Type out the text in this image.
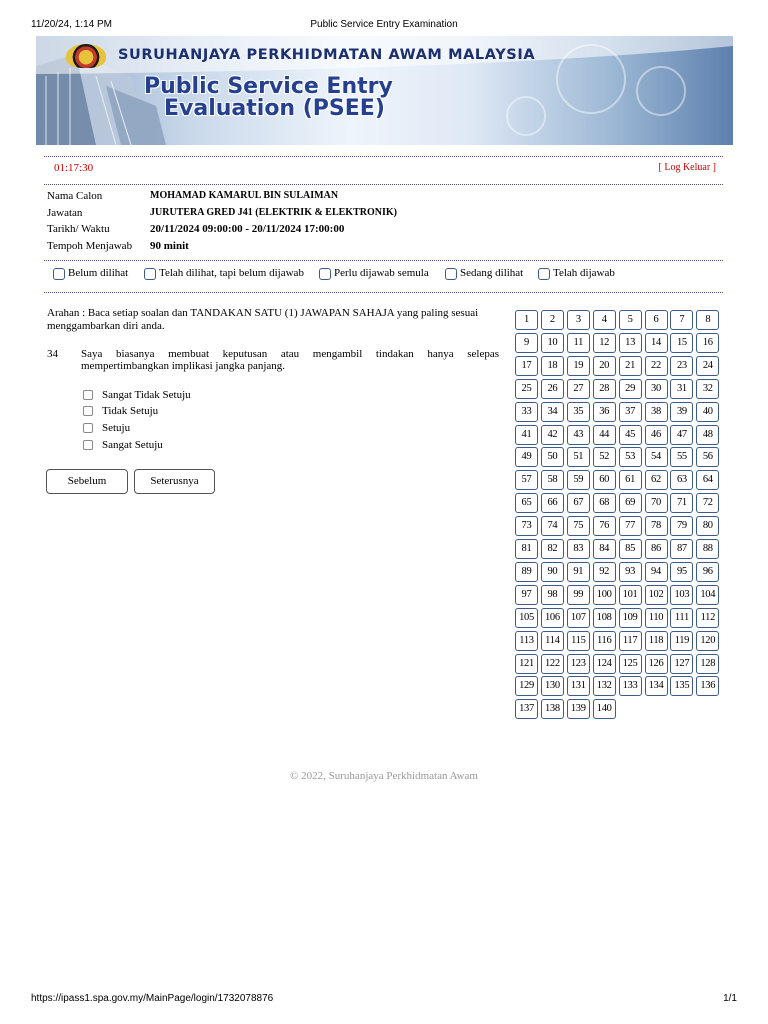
11/20/24, 1:14 PM	Public Service Entry Examination
SURUHANJAYA PERKHIDMATAN AWAM MALAYSIA
Public Service Entry
Evaluation (PSEE)
01:17:30	[ Log Keluar ]
Nama Calon	MOHAMAD KAMARUL BIN SULAIMAN
Jawatan	JURUTERA GRED J41 (ELEKTRIK & ELEKTRONIK)
Tarikh/ Waktu	20/11/2024 09:00:00 - 20/11/2024 17:00:00
Tempoh Menjawab 90 minit
Belum dilihat	Telah dilihat, tapi belum dijawab	Perlu dijawab semula	Sedang dilihat	Telah dijawab
Arahan : Baca setiap soalan dan TANDAKAN SATU (1) JAWAPAN SAHAJA yang paling sesuai menggambarkan diri anda.
34 Saya biasanya membuat keputusan atau mengambil tindakan hanya selepas mempertimbangkan implikasi jangka panjang.
Sangat Tidak Setuju
Tidak Setuju
Setuju
Sangat Setuju
Sebelum	Seterusnya
1	2	3	4	5	6	7	8
9	10	11	12	13	14	15	16
17	18	19	20	21	22	23	24
25	26	27	28	29	30	31	32
33	34	35	36	37	38	39	40
41	42	43	44	45	46	47	48
49	50	51	52	53	54	55	56
57	58	59	60	61	62	63	64
65	66	67	68	69	70	71	72
73	74	75	76	77	78	79	80
81	82	83	84	85	86	87	88
89	90	91	92	93	94	95	96
97	98	99	100	101	102	103	104
105	106	107	108	109	110	111	112
113	114	115	116	117	118	119	120
121	122	123	124	125	126	127	128
129	130	131	132	133	134	135	136
137	138	139	140
© 2022, Suruhanjaya Perkhidmatan Awam
https://ipass1.spa.gov.my/MainPage/login/1732078876	1/1
